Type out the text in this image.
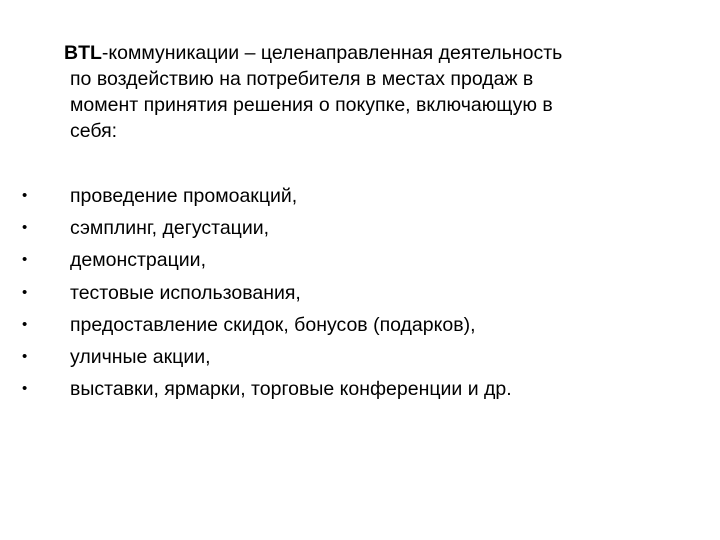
BTL-коммуникации – целенаправленная деятельность
по воздействию на потребителя в местах продаж в
момент принятия решения о покупке, включающую в
себя:

•	проведение промоакций,
•	сэмплинг, дегустации,
•	демонстрации,
•	тестовые использования,
•	предоставление скидок, бонусов (подарков),
•	уличные акции,
•	выставки, ярмарки, торговые конференции и др.
